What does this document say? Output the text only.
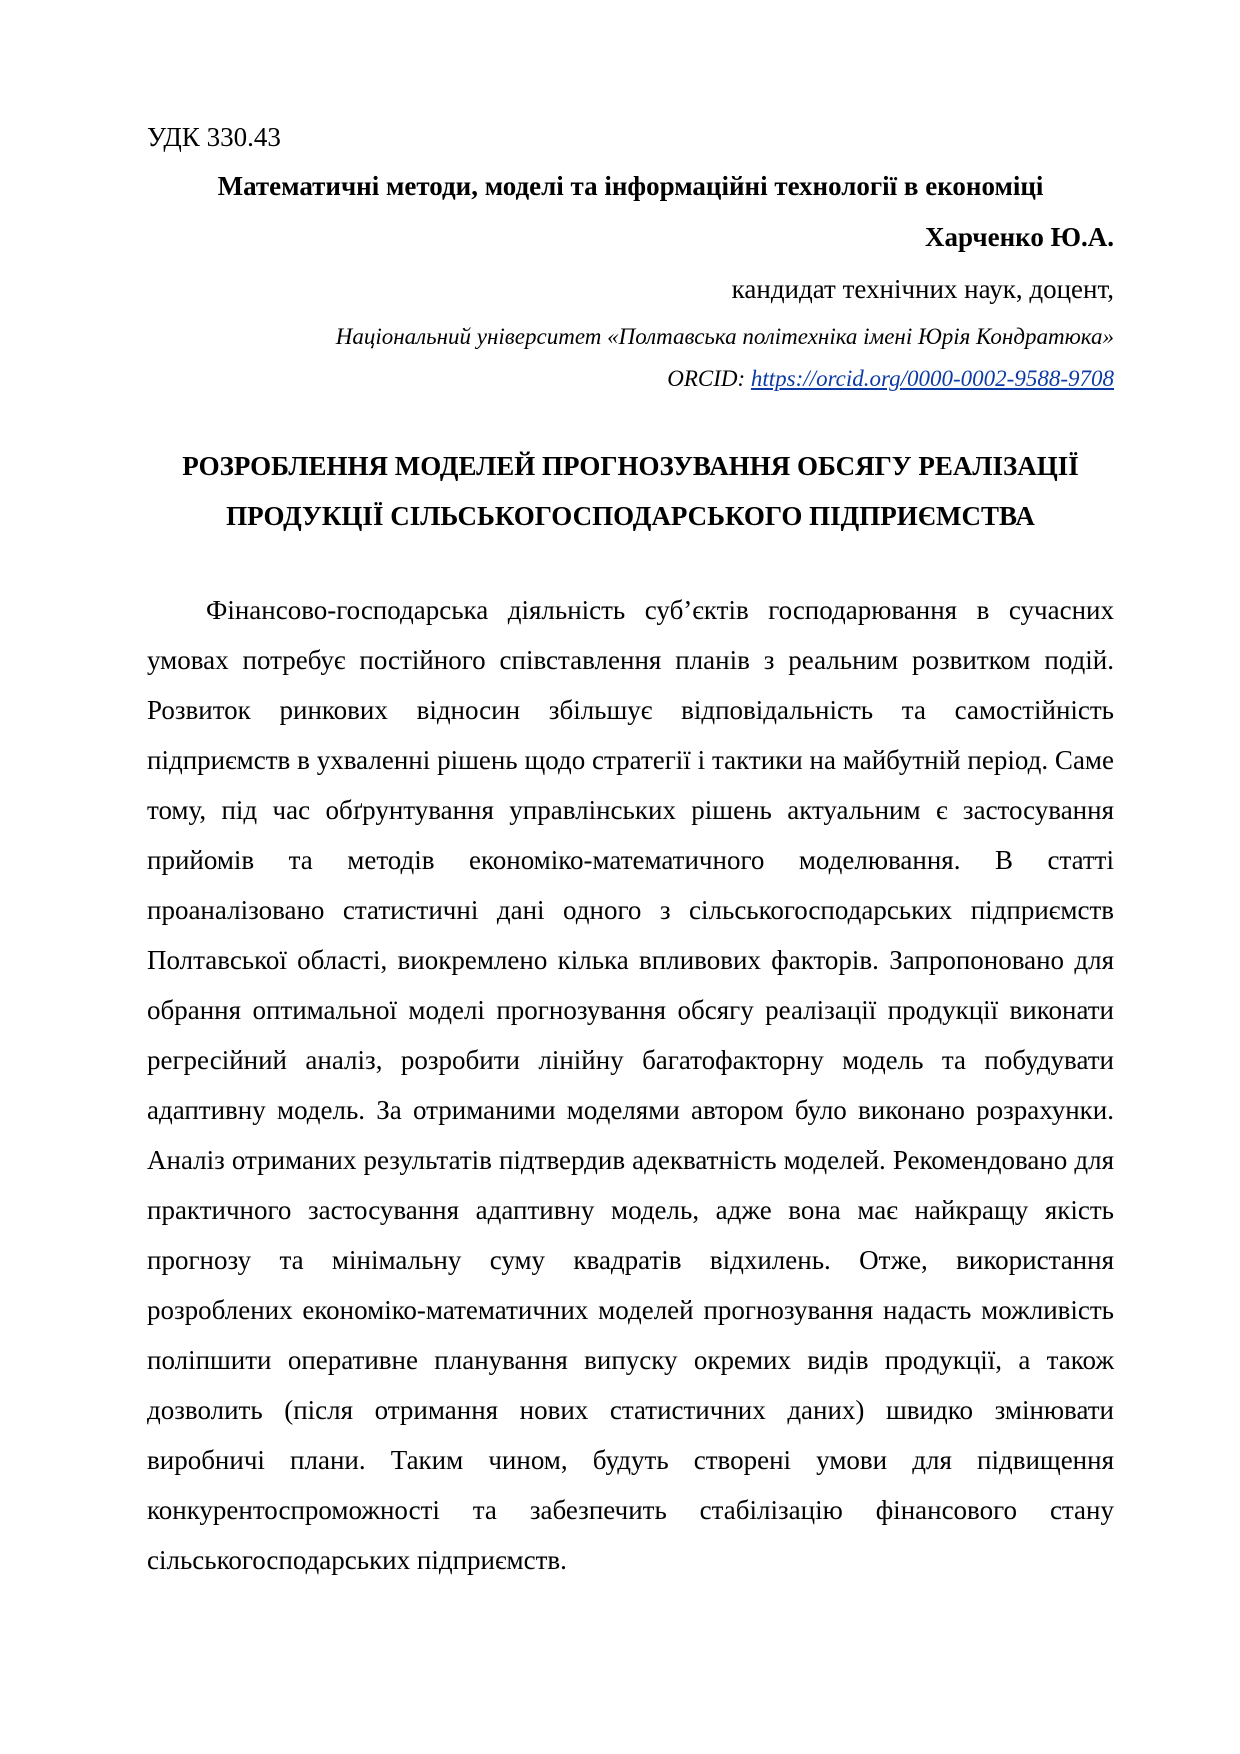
УДК 330.43

Математичні методи, моделі та інформаційні технології в економіці

Харченко Ю.А.

кандидат технічних наук, доцент,

Національний університет «Полтавська політехніка імені Юрія Кондратюка»

ORCID: https://orcid.org/0000-0002-9588-9708

РОЗРОБЛЕННЯ МОДЕЛЕЙ ПРОГНОЗУВАННЯ ОБСЯГУ РЕАЛІЗАЦІЇ
ПРОДУКЦІЇ СІЛЬСЬКОГОСПОДАРСЬКОГО ПІДПРИЄМСТВА

Фінансово-господарська діяльність суб’єктів господарювання в сучасних умовах потребує постійного співставлення планів з реальним розвитком подій. Розвиток ринкових відносин збільшує відповідальність та самостійність підприємств в ухваленні рішень щодо стратегії і тактики на майбутній період. Саме тому, під час обґрунтування управлінських рішень актуальним є застосування прийомів та методів економіко-математичного моделювання. В статті проаналізовано статистичні дані одного з сільськогосподарських підприємств Полтавської області, виокремлено кілька впливових факторів. Запропоновано для обрання оптимальної моделі прогнозування обсягу реалізації продукції виконати регресійний аналіз, розробити лінійну багатофакторну модель та побудувати адаптивну модель. За отриманими моделями автором було виконано розрахунки. Аналіз отриманих результатів підтвердив адекватність моделей. Рекомендовано для практичного застосування адаптивну модель, адже вона має найкращу якість прогнозу та мінімальну суму квадратів відхилень. Отже, використання розроблених економіко-математичних моделей прогнозування надасть можливість поліпшити оперативне планування випуску окремих видів продукції, а також дозволить (після отримання нових статистичних даних) швидко змінювати виробничі плани. Таким чином, будуть створені умови для підвищення конкурентоспроможності та забезпечить стабілізацію фінансового стану сільськогосподарських підприємств.
